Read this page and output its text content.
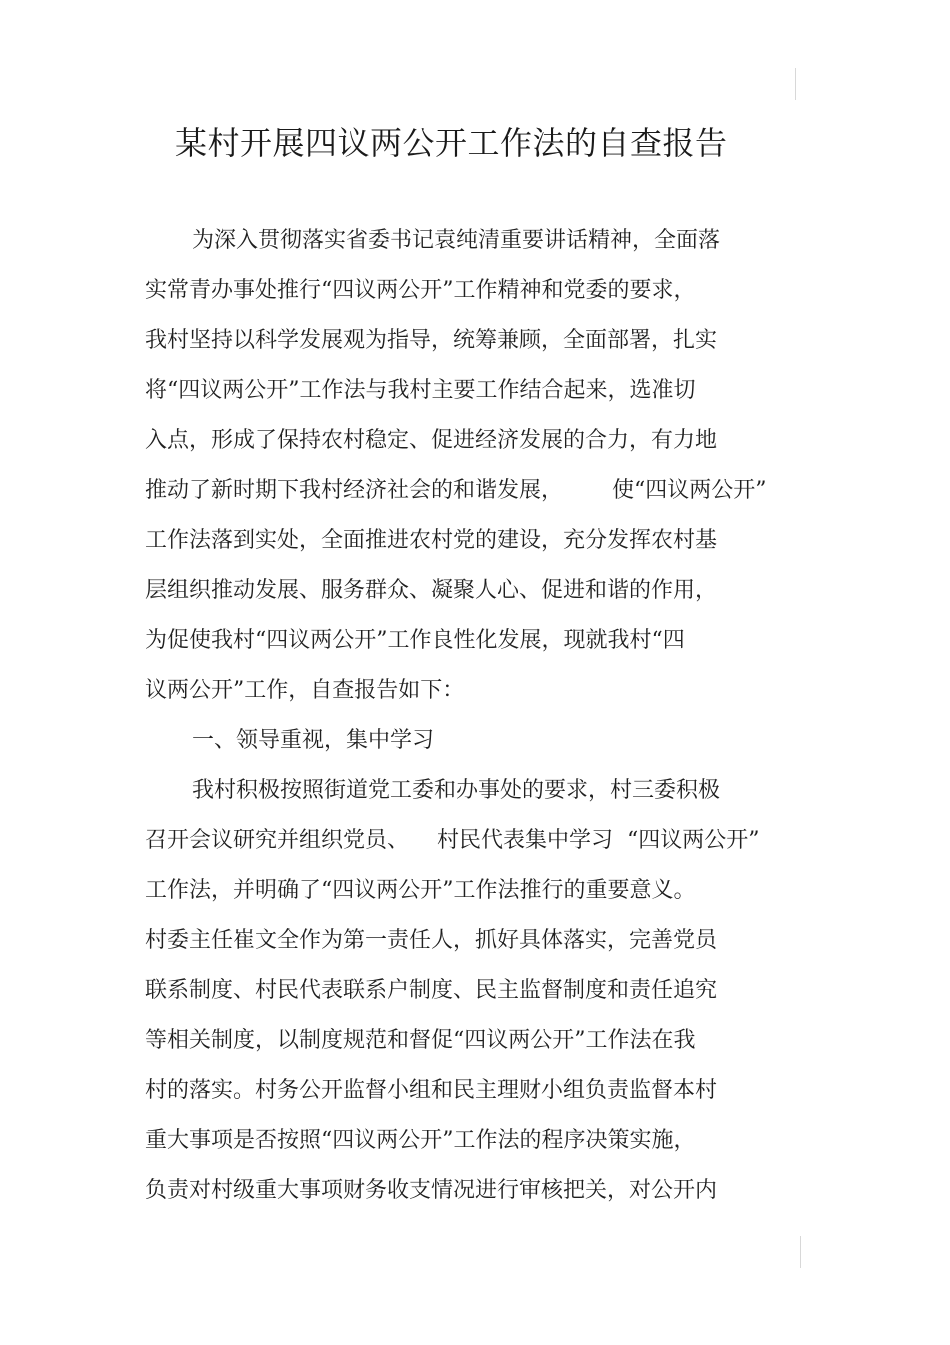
某村开展四议两公开工作法的自查报告
为深入贯彻落实省委书记袁纯清重要讲话精神，全面落
实常青办事处推行“四议两公开”工作精神和党委的要求，
我村坚持以科学发展观为指导，统筹兼顾，全面部署，扎实
将“四议两公开”工作法与我村主要工作结合起来，选准切
入点，形成了保持农村稳定、促进经济发展的合力，有力地
推动了新时期下我村经济社会的和谐发展，       使“四议两公开”
工作法落到实处，全面推进农村党的建设，充分发挥农村基
层组织推动发展、服务群众、凝聚人心、促进和谐的作用，
为促使我村“四议两公开”工作良性化发展，现就我村“四
议两公开”工作，自查报告如下：
一、领导重视，集中学习
我村积极按照街道党工委和办事处的要求，村三委积极
召开会议研究并组织党员、    村民代表集中学习  “四议两公开”
工作法，并明确了“四议两公开”工作法推行的重要意义。
村委主任崔文全作为第一责任人，抓好具体落实，完善党员
联系制度、村民代表联系户制度、民主监督制度和责任追究
等相关制度，以制度规范和督促“四议两公开”工作法在我
村的落实。村务公开监督小组和民主理财小组负责监督本村
重大事项是否按照“四议两公开”工作法的程序决策实施，
负责对村级重大事项财务收支情况进行审核把关，对公开内
